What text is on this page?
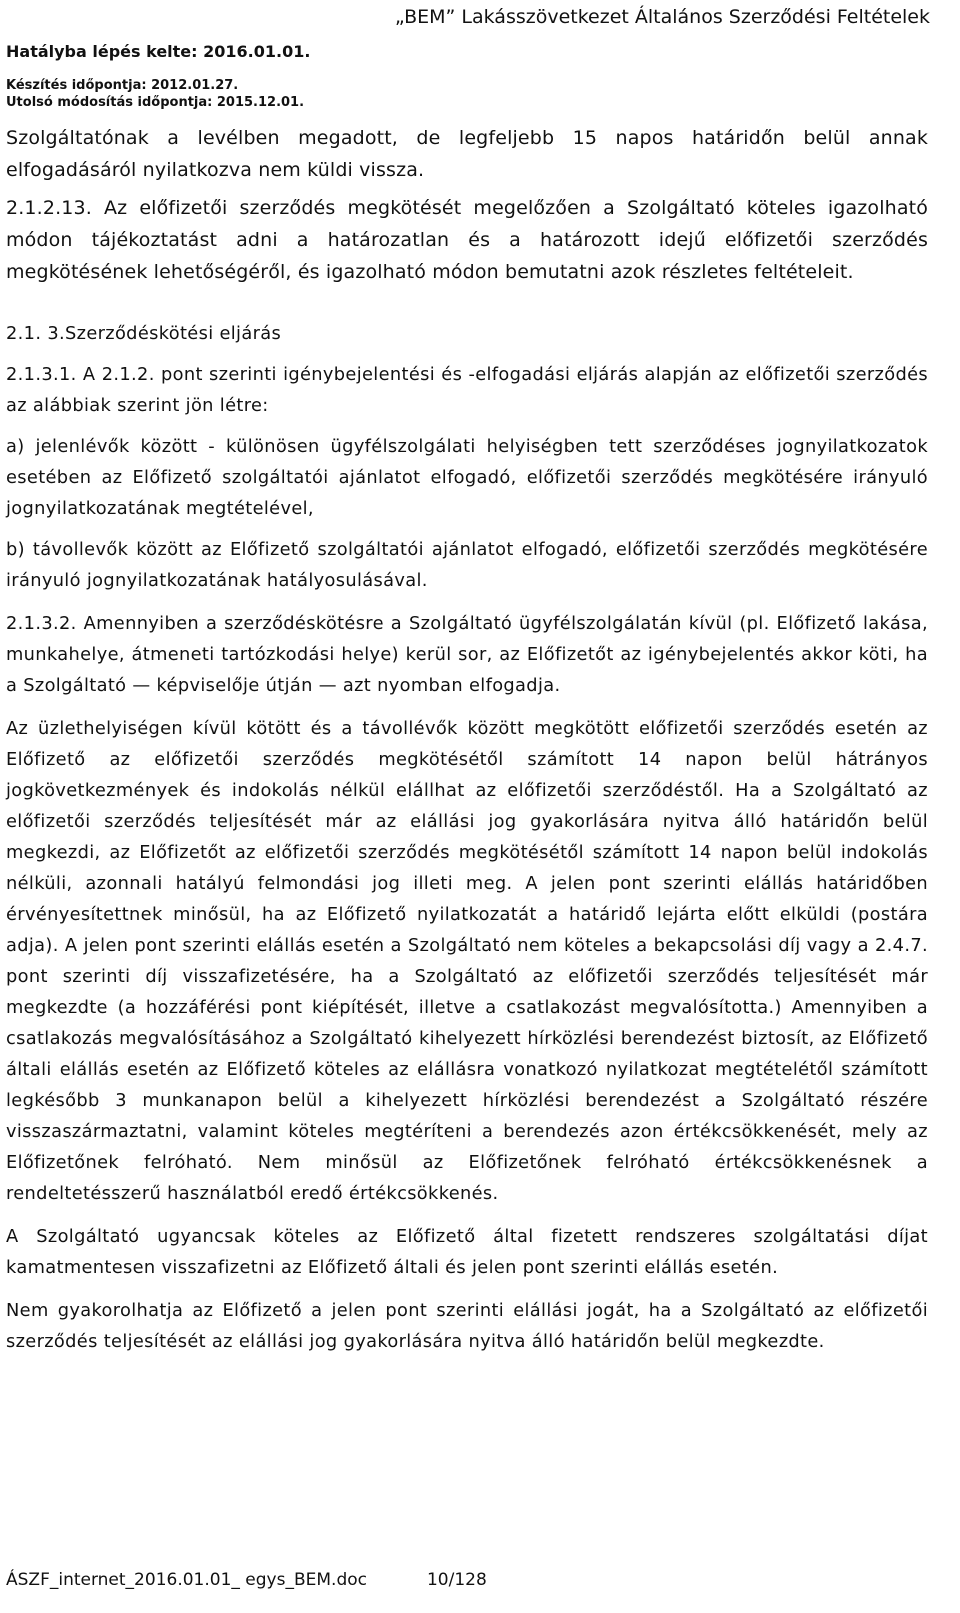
„BEM” Lakásszövetkezet Általános Szerződési Feltételek
Hatályba lépés kelte: 2016.01.01.
Készítés időpontja: 2012.01.27.
Utolsó módosítás időpontja: 2015.12.01.

Szolgáltatónak a levélben megadott, de legfeljebb 15 napos határidőn belül annak elfogadásáról nyilatkozva nem küldi vissza.

2.1.2.13. Az előfizetői szerződés megkötését megelőzően a Szolgáltató köteles igazolható módon tájékoztatást adni a határozatlan és a határozott idejű előfizetői szerződés megkötésének lehetőségéről, és igazolható módon bemutatni azok részletes feltételeit.

2.1. 3.Szerződéskötési eljárás

2.1.3.1. A 2.1.2. pont szerinti igénybejelentési és -elfogadási eljárás alapján az előfizetői szerződés az alábbiak szerint jön létre:

a) jelenlévők között - különösen ügyfélszolgálati helyiségben tett szerződéses jognyilatkozatok esetében az Előfizető szolgáltatói ajánlatot elfogadó, előfizetői szerződés megkötésére irányuló jognyilatkozatának megtételével,

b) távollevők között az Előfizető szolgáltatói ajánlatot elfogadó, előfizetői szerződés megkötésére irányuló jognyilatkozatának hatályosulásával.

2.1.3.2. Amennyiben a szerződéskötésre a Szolgáltató ügyfélszolgálatán kívül (pl. Előfizető lakása, munkahelye, átmeneti tartózkodási helye) kerül sor, az Előfizetőt az igénybejelentés akkor köti, ha a Szolgáltató — képviselője útján — azt nyomban elfogadja.

Az üzlethelyiségen kívül kötött és a távollévők között megkötött előfizetői szerződés esetén az Előfizető az előfizetői szerződés megkötésétől számított 14 napon belül hátrányos jogkövetkezmények és indokolás nélkül elállhat az előfizetői szerződéstől. Ha a Szolgáltató az előfizetői szerződés teljesítését már az elállási jog gyakorlására nyitva álló határidőn belül megkezdi, az Előfizetőt az előfizetői szerződés megkötésétől számított 14 napon belül indokolás nélküli, azonnali hatályú felmondási jog illeti meg. A jelen pont szerinti elállás határidőben érvényesítettnek minősül, ha az Előfizető nyilatkozatát a határidő lejárta előtt elküldi (postára adja). A jelen pont szerinti elállás esetén a Szolgáltató nem köteles a bekapcsolási díj vagy a 2.4.7. pont szerinti díj visszafizetésére, ha a Szolgáltató az előfizetői szerződés teljesítését már megkezdte (a hozzáférési pont kiépítését, illetve a csatlakozást megvalósította.) Amennyiben a csatlakozás megvalósításához a Szolgáltató kihelyezett hírközlési berendezést biztosít, az Előfizető általi elállás esetén az Előfizető köteles az elállásra vonatkozó nyilatkozat megtételétől számított legkésőbb 3 munkanapon belül a kihelyezett hírközlési berendezést a Szolgáltató részére visszaszármaztatni, valamint köteles megtéríteni a berendezés azon értékcsökkenését, mely az Előfizetőnek felróható. Nem minősül az Előfizetőnek felróható értékcsökkenésnek a rendeltetésszerű használatból eredő értékcsökkenés.

A Szolgáltató ugyancsak köteles az Előfizető által fizetett rendszeres szolgáltatási díjat kamatmentesen visszafizetni az Előfizető általi és jelen pont szerinti elállás esetén.

Nem gyakorolhatja az Előfizető a jelen pont szerinti elállási jogát, ha a Szolgáltató az előfizetői szerződés teljesítését az elállási jog gyakorlására nyitva álló határidőn belül megkezdte.

ÁSZF_internet_2016.01.01_ egys_BEM.doc	10/128
